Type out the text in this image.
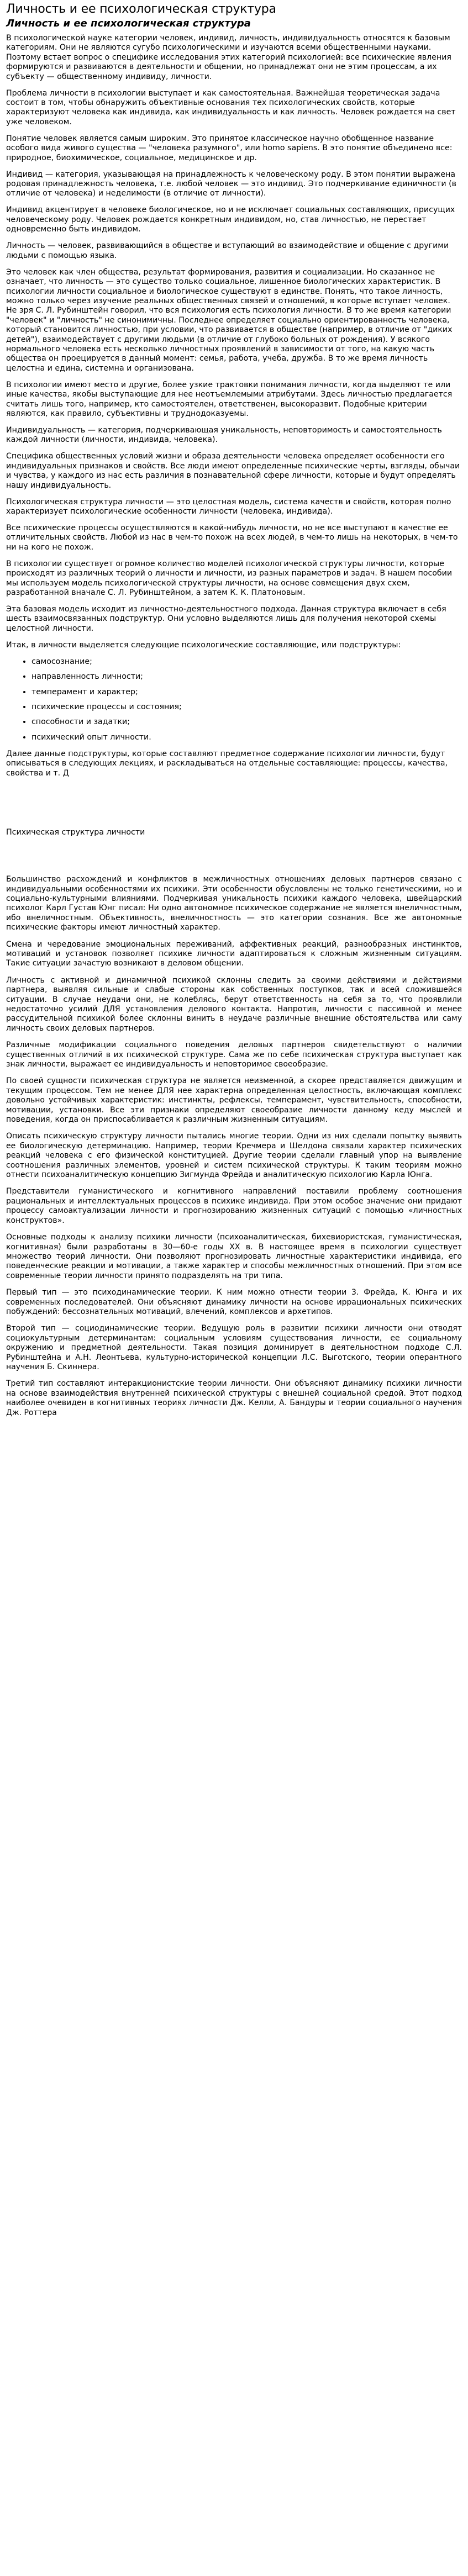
Личность и ее психологическая структура
Личность и ее психологическая структура

В психологической науке категории человек, индивид, личность, индивидуальность относятся к базовым категориям. Они не являются сугубо психологическими и изучаются всеми общественными науками. Поэтому встает вопрос о специфике исследования этих категорий психологией: все психические явления формируются и развиваются в деятельности и общении, но принадлежат они не этим процессам, а их субъекту — общественному индивиду, личности.

Проблема личности в психологии выступает и как самостоятельная. Важнейшая теоретическая задача состоит в том, чтобы обнаружить объективные основания тех психологических свойств, которые характеризуют человека как индивида, как индивидуальность и как личность. Человек рождается на свет уже человеком.

Понятие человек является самым широким. Это принятое классическое научно обобщенное название особого вида живого существа — "человека разумного", или homo sapiens. В это понятие объединено все: природное, биохимическое, социальное, медицинское и др.

Индивид — категория, указывающая на принадлежность к человеческому роду. В этом понятии выражена родовая принадлежность человека, т.е. любой человек — это индивид. Это подчеркивание единичности (в отличие от человека) и неделимости (в отличие от личности).

Индивид акцентирует в человеке биологическое, но и не исключает социальных составляющих, присущих человеческому роду. Человек рождается конкретным индивидом, но, став личностью, не перестает одновременно быть индивидом.

Личность — человек, развивающийся в обществе и вступающий во взаимодействие и общение с другими людьми с помощью языка.

Это человек как член общества, результат формирования, развития и социализации. Но сказанное не означает, что личность — это существо только социальное, лишенное биологических характеристик. В психологии личности социальное и биологическое существуют в единстве. Понять, что такое личность, можно только через изучение реальных общественных связей и отношений, в которые вступает человек. Не зря С. Л. Рубинштейн говорил, что вся психология есть психология личности. В то же время категории "человек" и "личность" не синонимичны. Последнее определяет социально ориентированность человека, который становится личностью, при условии, что развивается в обществе (например, в отличие от "диких детей"), взаимодействует с другими людьми (в отличие от глубоко больных от рождения). У всякого нормального человека есть несколько личностных проявлений в зависимости от того, на какую часть общества он проецируется в данный момент: семья, работа, учеба, дружба. В то же время личность целостна и едина, системна и организована.

В психологии имеют место и другие, более узкие трактовки понимания личности, когда выделяют те или иные качества, якобы выступающие для нее неотъемлемыми атрибутами. Здесь личностью предлагается считать лишь того, например, кто самостоятелен, ответственен, высокоразвит. Подобные критерии являются, как правило, субъективны и труднодоказуемы.

Индивидуальность — категория, подчеркивающая уникальность, неповторимость и самостоятельность каждой личности (личности, индивида, человека).

Специфика общественных условий жизни и образа деятельности человека определяет особенности его индивидуальных признаков и свойств. Все люди имеют определенные психические черты, взгляды, обычаи и чувства, у каждого из нас есть различия в познавательной сфере личности, которые и будут определять нашу индивидуальность.

Психологическая структура личности — это целостная модель, система качеств и свойств, которая полно характеризует психологические особенности личности (человека, индивида).

Все психические процессы осуществляются в какой-нибудь личности, но не все выступают в качестве ее отличительных свойств. Любой из нас в чем-то похож на всех людей, в чем-то лишь на некоторых, в чем-то ни на кого не похож.

В психологии существует огромное количество моделей психологической структуры личности, которые происходят из различных теорий о личности и личности, из разных параметров и задач. В нашем пособии мы используем модель психологической структуры личности, на основе совмещения двух схем, разработанной вначале С. Л. Рубинштейном, а затем К. К. Платоновым.

Эта базовая модель исходит из личностно-деятельностного подхода. Данная структура включает в себя шесть взаимосвязанных подструктур. Они условно выделяются лишь для получения некоторой схемы целостной личности.

Итак, в личности выделяется следующие психологические составляющие, или подструктуры:

• самосознание;
• направленность личности;
• темперамент и характер;
• психические процессы и состояния;
• способности и задатки;
• психический опыт личности.

Далее данные подструктуры, которые составляют предметное содержание психологии личности, будут описываться в следующих лекциях, и раскладываться на отдельные составляющие: процессы, качества, свойства и т. Д

Психическая структура личности

Большинство расхождений и конфликтов в межличностных отношениях деловых партнеров связано с индивидуальными особенностями их психики. Эти особенности обусловлены не только генетическими, но и социально-культурными влияниями. Подчеркивая уникальность психики каждого человека, швейцарский психолог Карл Густав Юнг писал: Ни одно автономное психическое содержание не является внеличностным, ибо внеличностным. Объективность, внеличностность — это категории сознания. Все же автономные психические факторы имеют личностный характер.

Смена и чередование эмоциональных переживаний, аффективных реакций, разнообразных инстинктов, мотиваций и установок позволяет психике личности адаптироваться к сложным жизненным ситуациям. Такие ситуации зачастую возникают в деловом общении.

Личность с активной и динамичной психикой склонны следить за своими действиями и действиями партнера, выявляя сильные и слабые стороны как собственных поступков, так и всей сложившейся ситуации. В случае неудачи они, не колеблясь, берут ответственность на себя за то, что проявлили недостаточно усилий ДЛЯ установления делового контакта. Напротив, личности с пассивной и менее рассудительной психикой более склонны винить в неудаче различные внешние обстоятельства или саму личность своих деловых партнеров.

Различные модификации социального поведения деловых партнеров свидетельствуют о наличии существенных отличий в их психической структуре. Сама же по себе психическая структура выступает как знак личности, выражает ее индивидуальность и неповторимое своеобразие.

По своей сущности психическая структура не является неизменной, а скорее представляется движущим и текущим процессом. Тем не менее ДЛЯ нее характерна определенная целостность, включающая комплекс довольно устойчивых характеристик: инстинкты, рефлексы, темперамент, чувствительность, способности, мотивации, установки. Все эти признаки определяют своеобразие личности данному кеду мыслей и поведения, когда он приспосабливается к различным жизненным ситуациям.

Описать психическую структуру личности пытались многие теории. Одни из них сделали попытку выявить ее биологическую детерминацию. Например, теории Кречмера и Шелдона связали характер психических реакций человека с его физической конституцией. Другие теории сделали главный упор на выявление соотношения различных элементов, уровней и систем психической структуры. К таким теориям можно отнести психоаналитическую концепцию Зигмунда Фрейда и аналитическую психологию Карла Юнга.

Представители гуманистического и когнитивного направлений поставили проблему соотношения рациональных и интеллектуальных процессов в психике индивида. При этом особое значение они придают процессу самоактуализации личности и прогнозированию жизненных ситуаций с помощью «личностных конструктов».

Основные подходы к анализу психики личности (психоаналитическая, бихевиористская, гуманистическая, когнитивная) были разработаны в 30—60-е годы XX в. В настоящее время в психологии существует множество теорий личности. Они позволяют прогнозировать личностные характеристики индивида, его поведенческие реакции и мотивации, а также характер и способы межличностных отношений. При этом все современные теории личности принято подразделять на три типа.

Первый тип — это психодинамические теории. К ним можно отнести теории 3. Фрейда, К. Юнга и их современных последователей. Они объясняют динамику личности на основе иррациональных психических побуждений: бессознательных мотиваций, влечений, комплексов и архетипов.

Второй тип — социодинамические теории. Ведущую роль в развитии психики личности они отводят социокультурным детерминантам: социальным условиям существования личности, ее социальному окружению и предметной деятельности. Такая позиция доминирует в деятельностном подходе С.Л. Рубинштейна и А.Н. Леонтьева, культурно-исторической концепции Л.С. Выготского, теории оперантного научения Б. Скиннера.

Третий тип составляют интеракционистские теории личности. Они объясняют динамику психики личности на основе взаимодействия внутренней психической структуры с внешней социальной средой. Этот подход наиболее очевиден в когнитивных теориях личности Дж. Келли, А. Бандуры и теории социального научения Дж. Роттера
